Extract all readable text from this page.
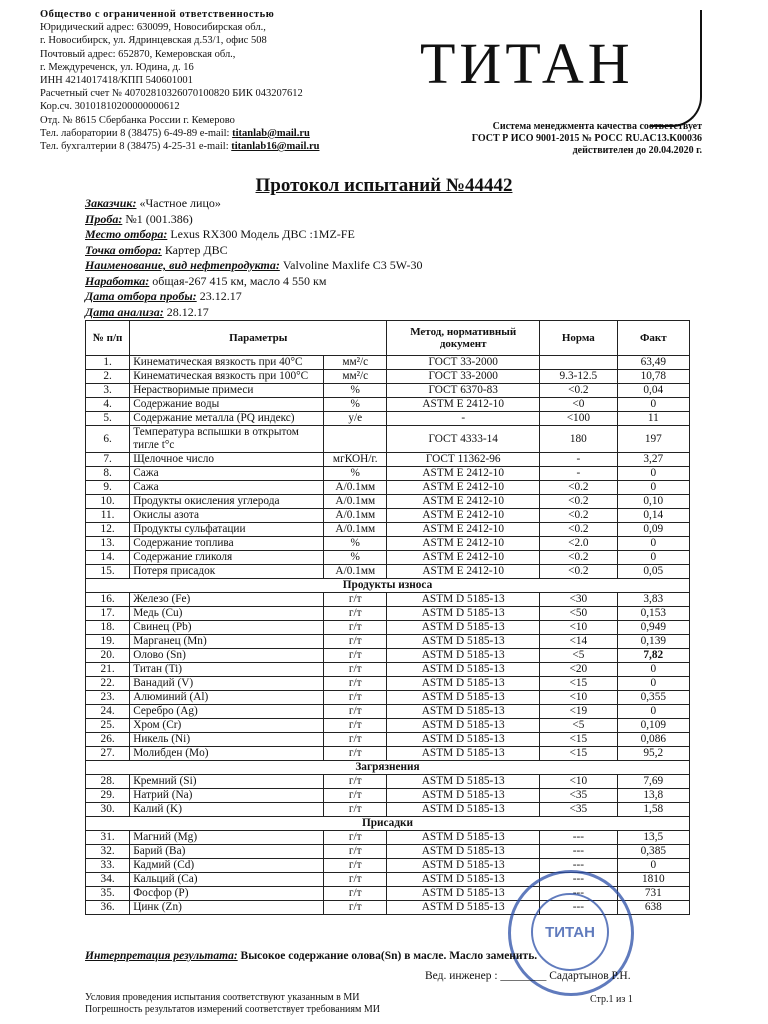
Общество с ограниченной ответственностью
Юридический адрес: 630099, Новосибирская обл.,
г. Новосибирск, ул. Ядринцевская д.53/1, офис 508
Почтовый адрес: 652870, Кемеровская обл.,
г. Междуреченск, ул. Юдина, д. 16
ИНН 4214017418/КПП 540601001
Расчетный счет № 40702810326070100820 БИК 043207612
Кор.сч. 30101810200000000612
Отд. № 8615 Сбербанка России г. Кемерово
Тел. лаборатории 8 (38475) 6-49-89 e-mail: titanlab@mail.ru
Тел. бухгалтерии 8 (38475) 4-25-31 e-mail: titanlab16@mail.ru
ТИТАН
Система менеджмента качества соответствует
ГОСТ Р ИСО 9001-2015 № РОСС RU.AC13.K00036
действителен до 20.04.2020 г.
Протокол испытаний №44442
Заказчик: «Частное лицо»
Проба: №1 (001.386)
Место отбора: Lexus RX300 Модель ДВС :1MZ-FE
Точка отбора: Картер ДВС
Наименование, вид нефтепродукта: Valvoline Maxlife C3 5W-30
Наработка: общая-267 415 км, масло 4 550 км
Дата отбора пробы: 23.12.17
Дата анализа: 28.12.17
№ п/п	Параметры		Метод, нормативный документ	Норма	Факт
1.	Кинематическая вязкость при 40°C	мм²/с	ГОСТ 33-2000		63,49
2.	Кинематическая вязкость при 100°C	мм²/с	ГОСТ 33-2000	9.3-12.5	10,78
3.	Нерастворимые примеси	%	ГОСТ 6370-83	<0.2	0,04
4.	Содержание воды	%	ASTM E 2412-10	<0	0
5.	Содержание металла (PQ индекс)	у/е	-	<100	11
6.	Температура вспышки в открытом тигле t°c		ГОСТ 4333-14	180	197
7.	Щелочное число	мгКОН/г.	ГОСТ 11362-96	-	3,27
8.	Сажа	%	ASTM E 2412-10	-	0
9.	Сажа	А/0.1мм	ASTM E 2412-10	<0.2	0
10.	Продукты окисления углерода	А/0.1мм	ASTM E 2412-10	<0.2	0,10
11.	Окислы азота	А/0.1мм	ASTM E 2412-10	<0.2	0,14
12.	Продукты сульфатации	А/0.1мм	ASTM E 2412-10	<0.2	0,09
13.	Содержание топлива	%	ASTM E 2412-10	<2.0	0
14.	Содержание гликоля	%	ASTM E 2412-10	<0.2	0
15.	Потеря присадок	А/0.1мм	ASTM E 2412-10	<0.2	0,05
Продукты износа					
16.	Железо (Fe)	г/т	ASTM D 5185-13	<30	3,83
17.	Медь (Cu)	г/т	ASTM D 5185-13	<50	0,153
18.	Свинец (Pb)	г/т	ASTM D 5185-13	<10	0,949
19.	Марганец (Mn)	г/т	ASTM D 5185-13	<14	0,139
20.	Олово (Sn)	г/т	ASTM D 5185-13	<5	7,82
21.	Титан (Ti)	г/т	ASTM D 5185-13	<20	0
22.	Ванадий (V)	г/т	ASTM D 5185-13	<15	0
23.	Алюминий (Al)	г/т	ASTM D 5185-13	<10	0,355
24.	Серебро (Ag)	г/т	ASTM D 5185-13	<19	0
25.	Хром (Cr)	г/т	ASTM D 5185-13	<5	0,109
26.	Никель (Ni)	г/т	ASTM D 5185-13	<15	0,086
27.	Молибден (Mo)	г/т	ASTM D 5185-13	<15	95,2
Загрязнения					
28.	Кремний (Si)	г/т	ASTM D 5185-13	<10	7,69
29.	Натрий (Na)	г/т	ASTM D 5185-13	<35	13,8
30.	Калий (K)	г/т	ASTM D 5185-13	<35	1,58
Присадки					
31.	Магний (Mg)	г/т	ASTM D 5185-13	---	13,5
32.	Барий (Ba)	г/т	ASTM D 5185-13	---	0,385
33.	Кадмий (Cd)	г/т	ASTM D 5185-13	---	0
34.	Кальций (Ca)	г/т	ASTM D 5185-13	---	1810
35.	Фосфор (P)	г/т	ASTM D 5185-13	---	731
36.	Цинк (Zn)	г/т	ASTM D 5185-13	---	638
ТИТАН
Интерпретация результата: Высокое содержание олова(Sn) в масле. Масло заменить.
Вед. инженер : ________ Садартынов Р.Н.
Стр.1 из 1
Условия проведения испытания соответствуют указанным в МИ
Погрешность результатов измерений соответствует требованиям МИ
